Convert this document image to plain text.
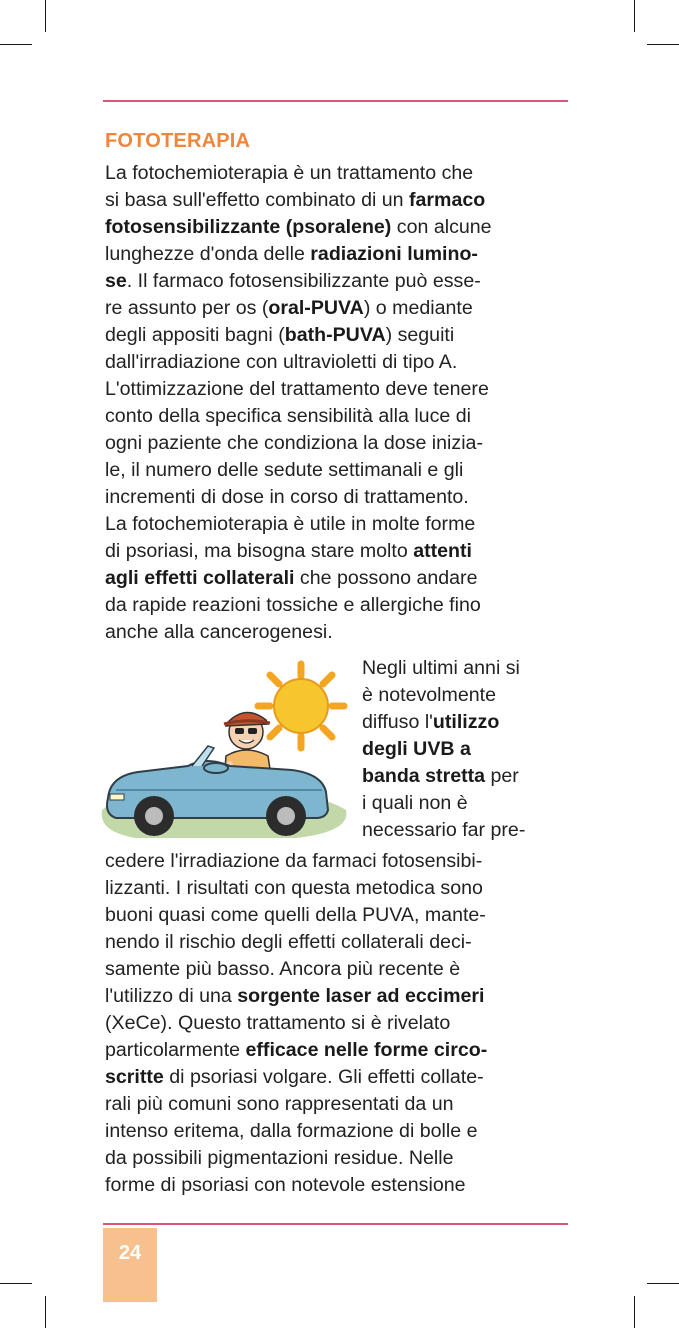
FOTOTERAPIA
La fotochemioterapia è un trattamento che
si basa sull'effetto combinato di un farmaco
fotosensibilizzante (psoralene) con alcune
lunghezze d'onda delle radiazioni lumino-
se. Il farmaco fotosensibilizzante può esse-
re assunto per os (oral-PUVA) o mediante
degli appositi bagni (bath-PUVA) seguiti
dall'irradiazione con ultravioletti di tipo A.
L'ottimizzazione del trattamento deve tenere
conto della specifica sensibilità alla luce di
ogni paziente che condiziona la dose inizia-
le, il numero delle sedute settimanali e gli
incrementi di dose in corso di trattamento.
La fotochemioterapia è utile in molte forme
di psoriasi, ma bisogna stare molto attenti
agli effetti collaterali che possono andare
da rapide reazioni tossiche e allergiche fino
anche alla cancerogenesi.
Negli ultimi anni si
è notevolmente
diffuso l'utilizzo
degli UVB a
banda stretta per
i quali non è
necessario far pre-
cedere l'irradiazione da farmaci fotosensibi-
lizzanti. I risultati con questa metodica sono
buoni quasi come quelli della PUVA, mante-
nendo il rischio degli effetti collaterali deci-
samente più basso. Ancora più recente è
l'utilizzo di una sorgente laser ad eccimeri
(XeCe). Questo trattamento si è rivelato
particolarmente efficace nelle forme circo-
scritte di psoriasi volgare. Gli effetti collate-
rali più comuni sono rappresentati da un
intenso eritema, dalla formazione di bolle e
da possibili pigmentazioni residue. Nelle
forme di psoriasi con notevole estensione
24
